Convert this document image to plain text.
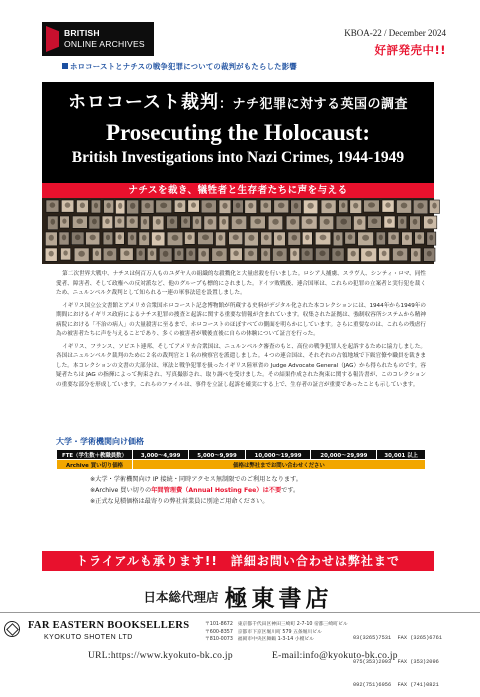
BRITISH
ONLINE ARCHIVES
KBOA-22 / December 2024
好評発売中!!
ホロコーストとナチスの戦争犯罪についての裁判がもたらした影響
ホロコースト裁判：ナチ犯罪に対する英国の調査
Prosecuting the Holocaust:
British Investigations into Nazi Crimes, 1944-1949
ナチスを裁き、犠牲者と生存者たちに声を与える

第二次世界大戦中、ナチスは何百万人ものユダヤ人の組織的な殺戮化と大量虐殺を行いました。ロシア人捕虜、スラヴ人、シンティ・ロマ、同性愛者、障害者、そして政権への反対派など、他のグループも標的にされました。ドイツ敗戦後、連合国軍は、これらの犯罪の立案者と実行犯を裁くため、ニュルンベルク裁判として知られる一連の軍事法廷を設置しました。

イギリス国立公文書館とアメリカ合衆国ホロコースト記念博物館が所蔵する史料がデジタル化された本コレクションには、1944年から1949年の期間におけるイギリス政府によるナチス犯罪の捜査と起訴に関する重要な情報が含まれています。収集された証拠は、強制収容所システムから精神病院における「不治の病人」の大量殺害に至るまで、ホロコーストのほぼすべての側面を明らかにしています。さらに重要なのは、これらの残虐行為の被害者たちに声を与えることであり、多くの被害者が戦後直後に自らの体験について証言を行った。

イギリス、フランス、ソビエト連邦、そしてアメリカ合衆国は、ニュルンベルク審査のもと、高位の戦争犯罪人を起訴するために協力しました。各国はニュルンベルク裁判のために２名の裁判官と１名の検察官を派遣しました。４つの連合国は、それぞれの占領地域で下級官僚や職員を裁きました。本コレクションの文書の大部分は、軍法と戦争犯罪を扱ったイギリス陸軍省の Judge Advocate General（JAG）から得られたものです。容疑者たちは JAG の指揮によって拘束され、写真撮影され、取り調べを受けました。その結果作成された拘束に関する報告書が、このコレクションの重要な部分を形成しています。これらのファイルは、事件を立証し起訴を確実にする上で、生存者の証言が重要であったことも示しています。

大学・学術機関向け価格
FTE（学生数＋教職員数）	3,000〜4,999	5,000〜9,999	10,000〜19,999	20,000〜29,999	30,001 以上
Archive 買い切り価格	価格は弊社までお問い合わせください				
※大学・学術機関向け IP 接続・同時アクセス無制限でのご利用となります。
※Archive 買い切りの年間管理費（Annual Hosting Fee）は不要です。
※正式な見積価格は最寄りの弊社営業員に別途ご用命ください。
トライアルも承ります!!　詳細お問い合わせは弊社まで
日本総代理店 極東書店
FAR EASTERN BOOKSELLERS
KYOKUTO SHOTEN LTD
〒101-8672　東京都千代田区神田三崎町 2-7-10 帝都三崎町ビル
〒600-8357　京都市下京区堀川町 579 五条堀川ビル
〒810-0073　福岡市中央区舞鶴 1-3-14 小榎ビル

	03(3265)7531  FAX (3265)6761

075(353)2093  FAX (353)2096

092(751)6956  FAX (741)0821

URL:https://www.kyokuto-bk.co.jp	E-mail:info@kyokuto-bk.co.jp
